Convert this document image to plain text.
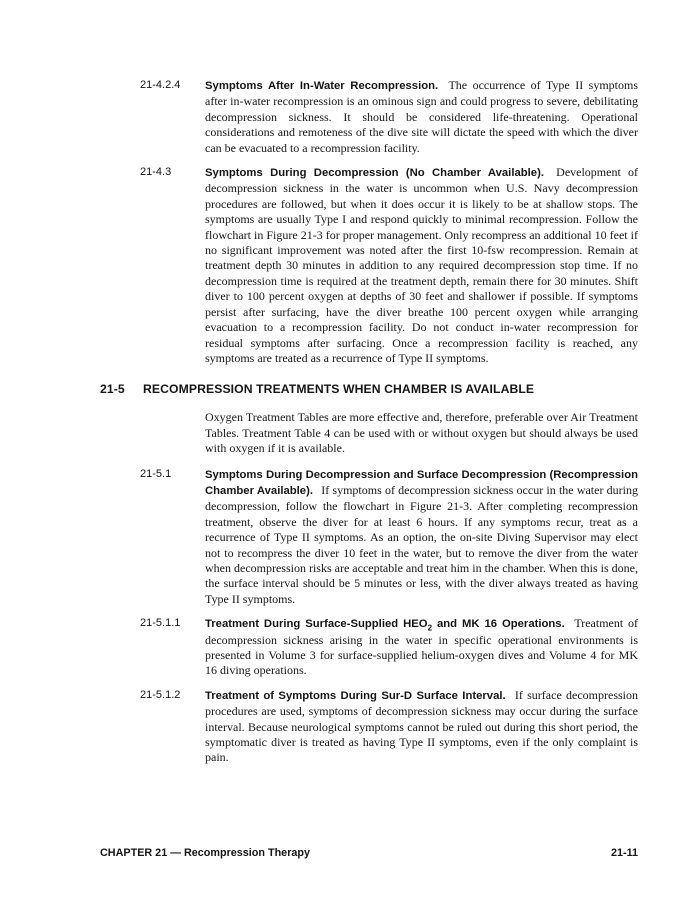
21-4.2.4	Symptoms After In-Water Recompression. The occurrence of Type II symptoms after in-water recompression is an ominous sign and could progress to severe, debilitating decompression sickness. It should be considered life-threatening. Operational considerations and remoteness of the dive site will dictate the speed with which the diver can be evacuated to a recompression facility.

21-4.3	Symptoms During Decompression (No Chamber Available). Development of decompression sickness in the water is uncommon when U.S. Navy decompression procedures are followed, but when it does occur it is likely to be at shallow stops. The symptoms are usually Type I and respond quickly to minimal recompression. Follow the flowchart in Figure 21-3 for proper management. Only recompress an additional 10 feet if no significant improvement was noted after the first 10-fsw recompression. Remain at treatment depth 30 minutes in addition to any required decompression stop time. If no decompression time is required at the treatment depth, remain there for 30 minutes. Shift diver to 100 percent oxygen at depths of 30 feet and shallower if possible. If symptoms persist after surfacing, have the diver breathe 100 percent oxygen while arranging evacuation to a recompression facility. Do not conduct in-water recompression for residual symptoms after surfacing. Once a recompression facility is reached, any symptoms are treated as a recurrence of Type II symptoms.

21-5	RECOMPRESSION TREATMENTS WHEN CHAMBER IS AVAILABLE

Oxygen Treatment Tables are more effective and, therefore, preferable over Air Treatment Tables. Treatment Table 4 can be used with or without oxygen but should always be used with oxygen if it is available.

21-5.1	Symptoms During Decompression and Surface Decompression (Recompression Chamber Available). If symptoms of decompression sickness occur in the water during decompression, follow the flowchart in Figure 21-3. After completing recompression treatment, observe the diver for at least 6 hours. If any symptoms recur, treat as a recurrence of Type II symptoms. As an option, the on-site Diving Supervisor may elect not to recompress the diver 10 feet in the water, but to remove the diver from the water when decompression risks are acceptable and treat him in the chamber. When this is done, the surface interval should be 5 minutes or less, with the diver always treated as having Type II symptoms.

21-5.1.1	Treatment During Surface-Supplied $HEO_2$ and MK 16 Operations. Treatment of decompression sickness arising in the water in specific operational environments is presented in Volume 3 for surface-supplied helium-oxygen dives and Volume 4 for MK 16 diving operations.

21-5.1.2	Treatment of Symptoms During Sur-D Surface Interval. If surface decompression procedures are used, symptoms of decompression sickness may occur during the surface interval. Because neurological symptoms cannot be ruled out during this short period, the symptomatic diver is treated as having Type II symptoms, even if the only complaint is pain.

CHAPTER 21 — Recompression Therapy	21-11
